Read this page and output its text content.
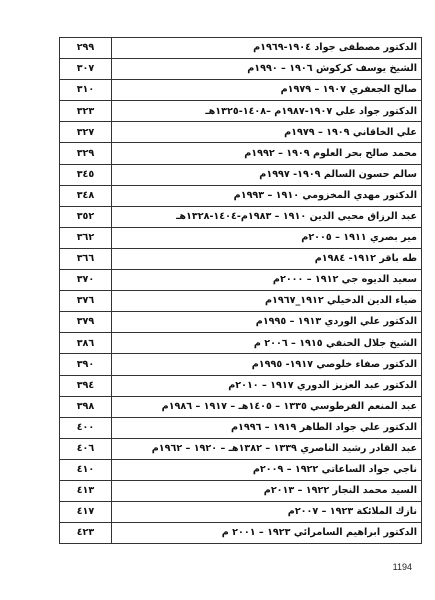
الدكتور مصطفى جواد ١٩٠٤-١٩٦٩م	٢٩٩
الشيخ يوسف كركوش ١٩٠٦ – ١٩٩٠م	٣٠٧
صالح الجعفري ١٩٠٧ – ١٩٧٩م	٣١٠
الدكتور جواد علي ١٩٠٧-١٩٨٧م –١٤٠٨-١٣٢٥هـ	٣٢٣
علي الخاقاني ١٩٠٩ – ١٩٧٩م	٣٢٧
محمد صالح بحر العلوم ١٩٠٩ – ١٩٩٢م	٣٢٩
سالم حسون السالم ١٩٠٩- ١٩٩٧م	٣٤٥
الدكتور مهدي المخزومي ١٩١٠ – ١٩٩٣م	٣٤٨
عبد الرزاق محيي الدين ١٩١٠ – ١٩٨٣م-١٤٠٤-١٣٢٨هـ	٣٥٢
مير بصري ١٩١١ – ٢٠٠٥م	٣٦٢
طه باقر ١٩١٢- ١٩٨٤م	٣٦٦
سعيد الديوه جي ١٩١٢ – ٢٠٠٠م	٣٧٠
ضياء الدين الدخيلي ١٩١٢_١٩٦٧م	٣٧٦
الدكتور علي الوردي ١٩١٣ – ١٩٩٥م	٣٧٩
الشيخ جلال الحنفي ١٩١٥ – ٢٠٠٦ م	٣٨٦
الدكتور صفاء خلوصي ١٩١٧- ١٩٩٥م	٣٩٠
الدكتور عبد العزيز الدوري ١٩١٧ – ٢٠١٠م	٣٩٤
عبد المنعم الفرطوسي ١٣٣٥ – ١٤٠٥هـ – ١٩١٧ – ١٩٨٦م	٣٩٨
الدكتور علي جواد الطاهر ١٩١٩ – ١٩٩٦م	٤٠٠
عبد القادر رشيد الناصري ١٣٣٩ – ١٣٨٢هـ – ١٩٢٠ – ١٩٦٢م	٤٠٦
ناجي جواد الساعاتي ١٩٢٢ – ٢٠٠٩م	٤١٠
السيد محمد النجار ١٩٢٢ – ٢٠١٣م	٤١٣
نازك الملائكة ١٩٢٣ – ٢٠٠٧م	٤١٧
الدكتور ابراهيم السامرائي ١٩٢٣ – ٢٠٠١ م	٤٢٣
1194
